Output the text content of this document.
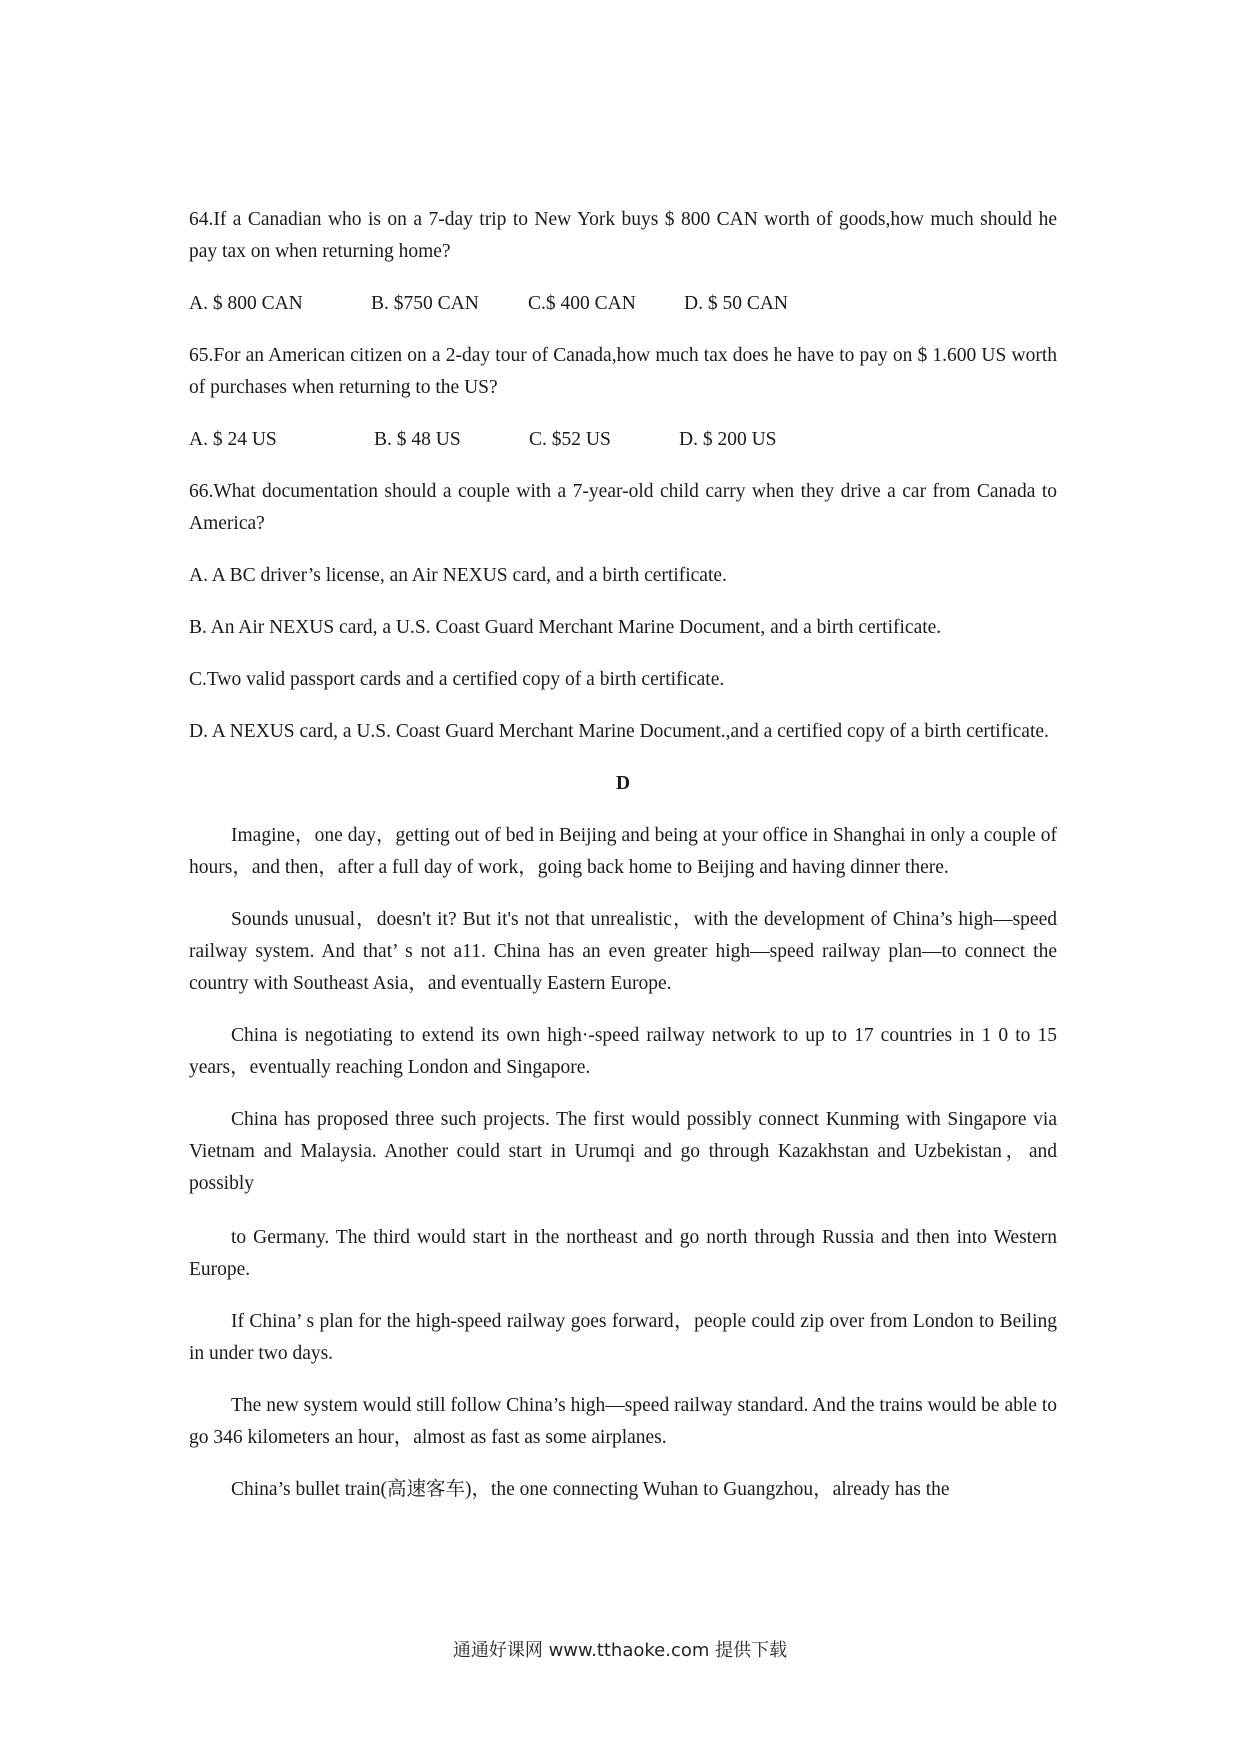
64.If a Canadian who is on a 7-day trip to New York buys $ 800 CAN worth of goods,how much should he pay tax on when returning home?

A. $ 800 CAN	B. $750 CAN	C.$ 400 CAN	D. $ 50 CAN

65.For an American citizen on a 2-day tour of Canada,how much tax does he have to pay on $ 1.600 US worth of purchases when returning to the US?

A. $ 24 US	B. $ 48 US	C. $52 US	D. $ 200 US

66.What documentation should a couple with a 7-year-old child carry when they drive a car from Canada to America?

A. A BC driver’s license, an Air NEXUS card, and a birth certificate.

B. An Air NEXUS card, a U.S. Coast Guard Merchant Marine Document, and a birth certificate.

C.Two valid passport cards and a certified copy of a birth certificate.

D. A NEXUS card, a U.S. Coast Guard Merchant Marine Document.,and a certified copy of a birth certificate.

D

Imagine，one day，getting out of bed in Beijing and being at your office in Shanghai in only a couple of hours，and then，after a full day of work，going back home to Beijing and having dinner there.

Sounds unusual，doesn't it? But it's not that unrealistic，with the development of China’s high—speed railway system. And that’ s not a11. China has an even greater high—speed railway plan—to connect the country with Southeast Asia，and eventually Eastern Europe.

China is negotiating to extend its own high·-speed railway network to up to 17 countries in 1 0 to 15 years，eventually reaching London and Singapore.

China has proposed three such projects. The first would possibly connect Kunming with Singapore via Vietnam and Malaysia. Another could start in Urumqi and go through Kazakhstan and Uzbekistan，and possibly

to Germany. The third would start in the northeast and go north through Russia and then into Western Europe.

If China’ s plan for the high-speed railway goes forward，people could zip over from London to Beiling in under two days.

The new system would still follow China’s high—speed railway standard. And the trains would be able to go 346 kilometers an hour，almost as fast as some airplanes.

China’s bullet train(高速客车)，the one connecting Wuhan to Guangzhou，already has the

通通好课网 www.tthaoke.com 提供下载
